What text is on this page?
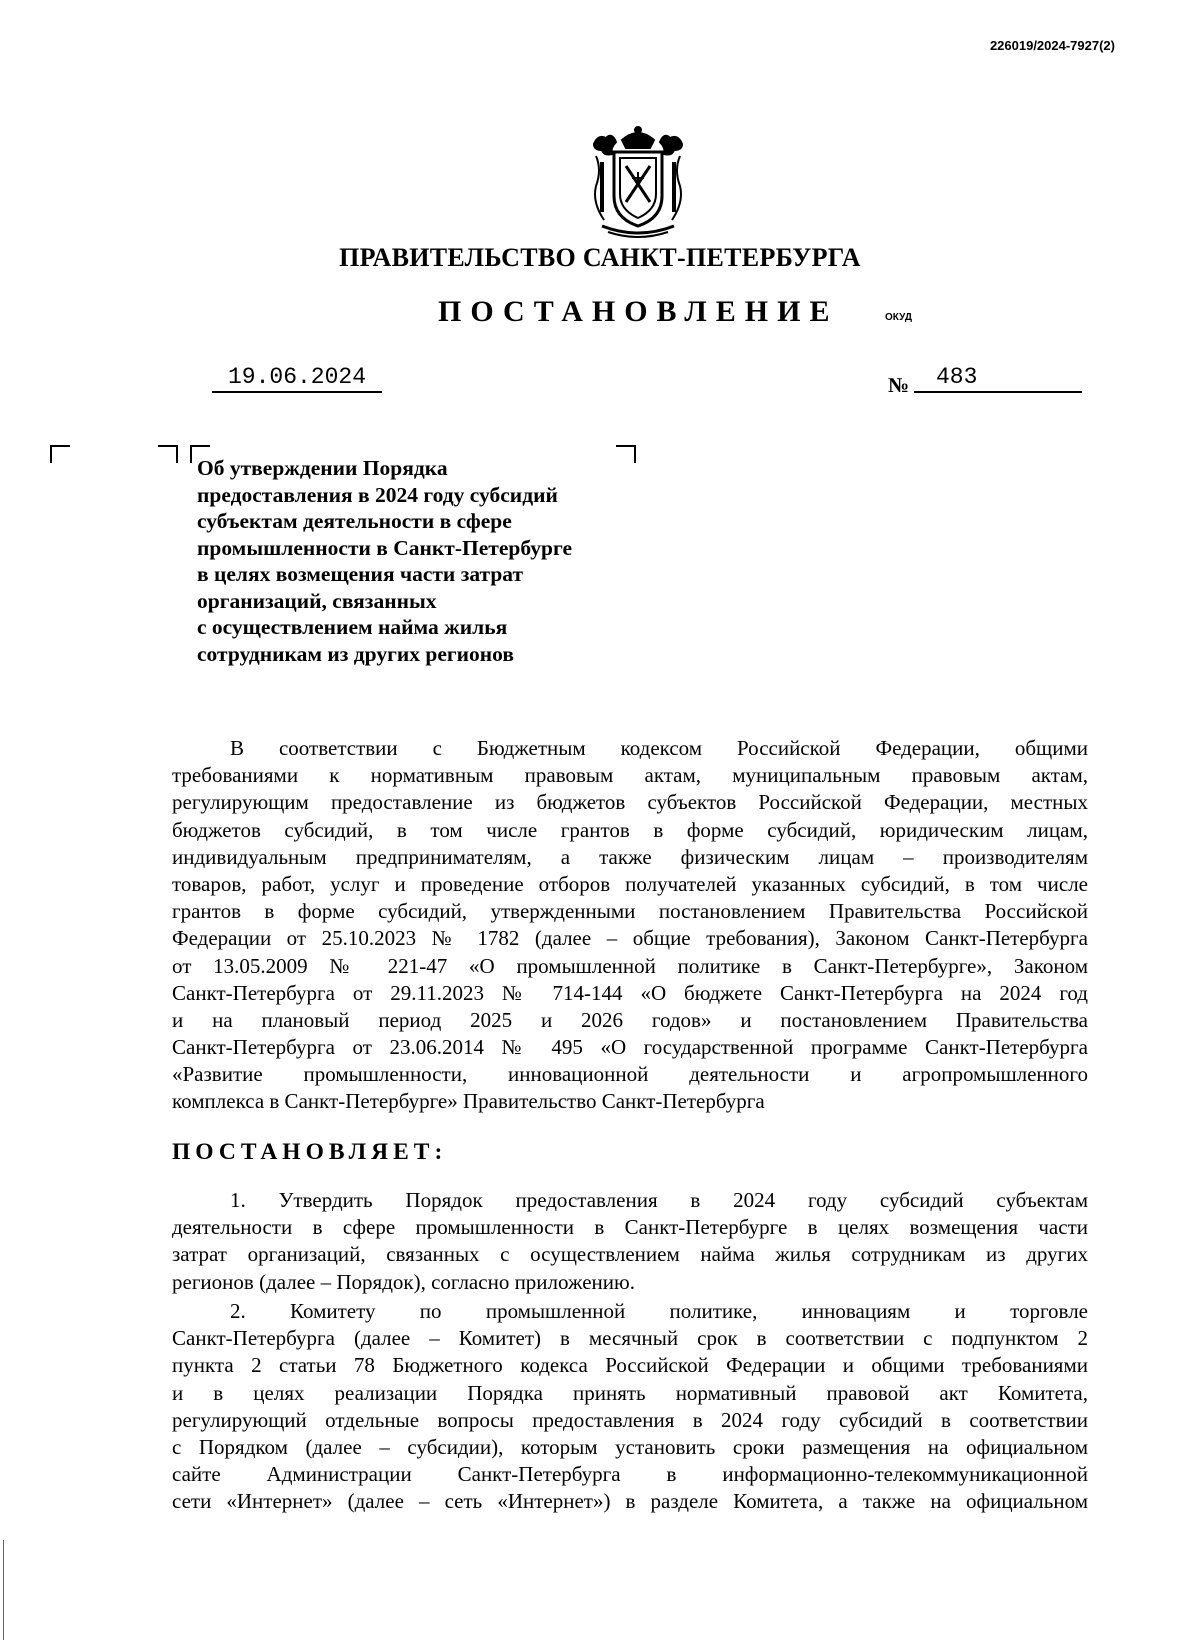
226019/2024-7927(2)
ПРАВИТЕЛЬСТВО САНКТ-ПЕТЕРБУРГА
ПОСТАНОВЛЕНИЕ	ОКУД
19.06.2024	№	483
Об утверждении Порядка
предоставления в 2024 году субсидий
субъектам деятельности в сфере
промышленности в Санкт-Петербурге
в целях возмещения части затрат
организаций, связанных
с осуществлением найма жилья
сотрудникам из других регионов
В соответствии с Бюджетным кодексом Российской Федерации, общими
требованиями к нормативным правовым актам, муниципальным правовым актам,
регулирующим предоставление из бюджетов субъектов Российской Федерации, местных
бюджетов субсидий, в том числе грантов в форме субсидий, юридическим лицам,
индивидуальным предпринимателям, а также физическим лицам – производителям
товаров, работ, услуг и проведение отборов получателей указанных субсидий, в том числе
грантов в форме субсидий, утвержденными постановлением Правительства Российской
Федерации от 25.10.2023 № 1782 (далее – общие требования), Законом Санкт-Петербурга
от 13.05.2009 № 221-47 «О промышленной политике в Санкт-Петербурге», Законом
Санкт-Петербурга от 29.11.2023 № 714-144 «О бюджете Санкт-Петербурга на 2024 год
и на плановый период 2025 и 2026 годов» и постановлением Правительства
Санкт-Петербурга от 23.06.2014 № 495 «О государственной программе Санкт-Петербурга
«Развитие промышленности, инновационной деятельности и агропромышленного
комплекса в Санкт-Петербурге» Правительство Санкт-Петербурга
ПОСТАНОВЛЯЕТ:
1. Утвердить Порядок предоставления в 2024 году субсидий субъектам
деятельности в сфере промышленности в Санкт-Петербурге в целях возмещения части
затрат организаций, связанных с осуществлением найма жилья сотрудникам из других
регионов (далее – Порядок), согласно приложению.
2. Комитету по промышленной политике, инновациям и торговле
Санкт-Петербурга (далее – Комитет) в месячный срок в соответствии с подпунктом 2
пункта 2 статьи 78 Бюджетного кодекса Российской Федерации и общими требованиями
и в целях реализации Порядка принять нормативный правовой акт Комитета,
регулирующий отдельные вопросы предоставления в 2024 году субсидий в соответствии
с Порядком (далее – субсидии), которым установить сроки размещения на официальном
сайте Администрации Санкт-Петербурга в информационно-телекоммуникационной
сети «Интернет» (далее – сеть «Интернет») в разделе Комитета, а также на официальном
